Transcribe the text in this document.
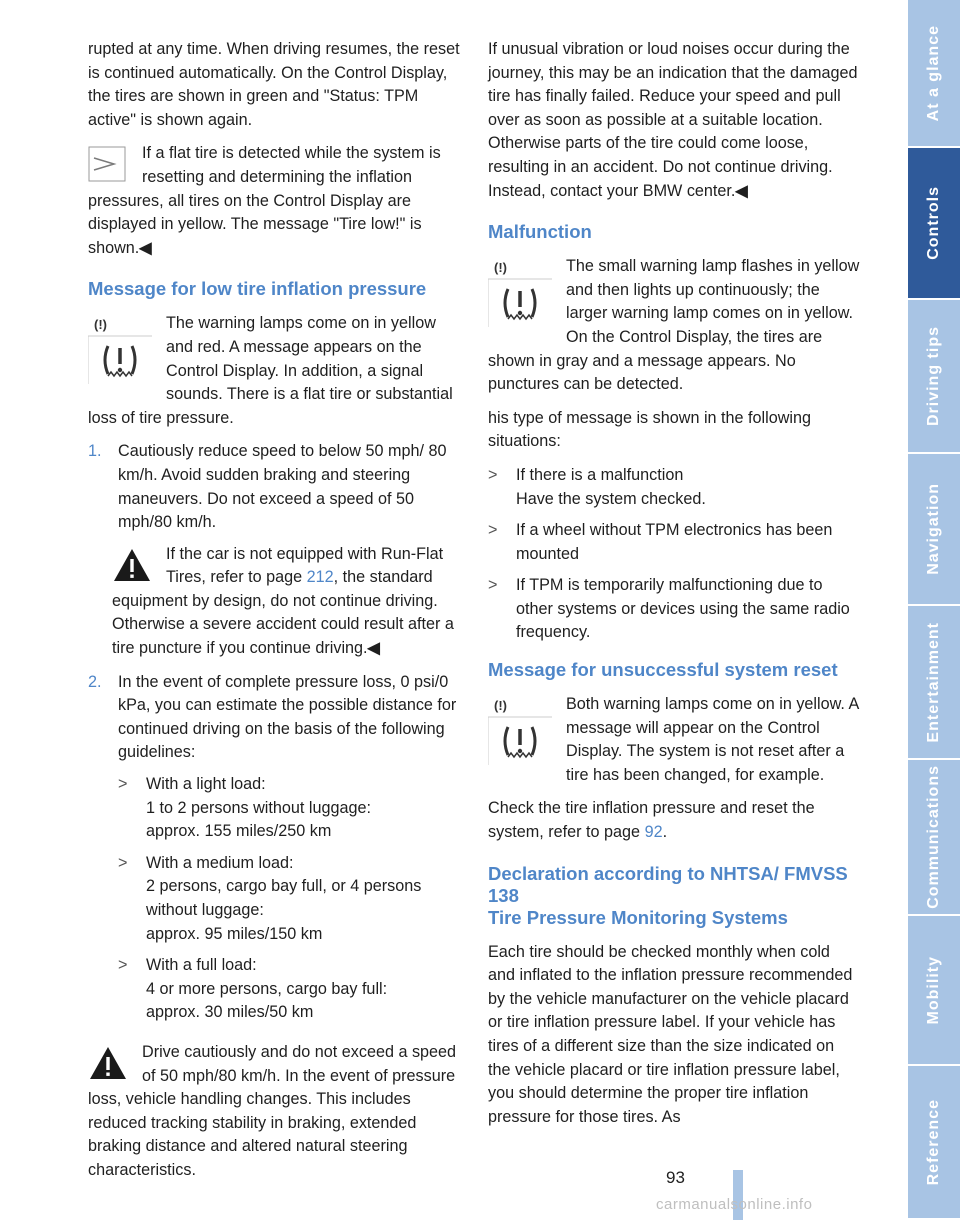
rupted at any time. When driving resumes, the reset is continued automatically. On the Control Display, the tires are shown in green and "Status: TPM active" is shown again.

If a flat tire is detected while the system is resetting and determining the inflation pressures, all tires on the Control Display are displayed in yellow. The message "Tire low!" is shown.◀

Message for low tire inflation pressure
(!)	The warning lamps come on in yellow and red. A message appears on the Control Display. In addition, a signal sounds. There is a flat tire or substantial loss of tire pressure.

1.	Cautiously reduce speed to below 50 mph/ 80 km/h. Avoid sudden braking and steering maneuvers. Do not exceed a speed of 50 mph/80 km/h.

If the car is not equipped with Run-Flat Tires, refer to page 212, the standard equipment by design, do not continue driving. Otherwise a severe accident could result after a tire puncture if you continue driving.◀

2.	In the event of complete pressure loss, 0 psi/0 kPa, you can estimate the possible distance for continued driving on the basis of the following guidelines:
>	With a light load:
1 to 2 persons without luggage:
approx. 155 miles/250 km
>	With a medium load:
2 persons, cargo bay full, or 4 persons without luggage:
approx. 95 miles/150 km
>	With a full load:
4 or more persons, cargo bay full:
approx. 30 miles/50 km

Drive cautiously and do not exceed a speed of 50 mph/80 km/h. In the event of pressure loss, vehicle handling changes. This includes reduced tracking stability in braking, extended braking distance and altered natural steering characteristics.

If unusual vibration or loud noises occur during the journey, this may be an indication that the damaged tire has finally failed. Reduce your speed and pull over as soon as possible at a suitable location. Otherwise parts of the tire could come loose, resulting in an accident. Do not continue driving. Instead, contact your BMW center.◀

Malfunction
(!)	The small warning lamp flashes in yellow and then lights up continuously; the larger warning lamp comes on in yellow. On the Control Display, the tires are shown in gray and a message appears. No punctures can be detected.

his type of message is shown in the following situations:

>	If there is a malfunction
Have the system checked.
>	If a wheel without TPM electronics has been mounted
>	If TPM is temporarily malfunctioning due to other systems or devices using the same radio frequency.
Message for unsuccessful system reset
(!)	Both warning lamps come on in yellow. A message will appear on the Control Display. The system is not reset after a tire has been changed, for example.

Check the tire inflation pressure and reset the system, refer to page 92.

Declaration according to NHTSA/ FMVSS 138
Tire Pressure Monitoring Systems

Each tire should be checked monthly when cold and inflated to the inflation pressure recommended by the vehicle manufacturer on the vehicle placard or tire inflation pressure label. If your vehicle has tires of a different size than the size indicated on the vehicle placard or tire inflation pressure label, you should determine the proper tire inflation pressure for those tires. As

At a glance
Controls
Driving tips
Navigation
Entertainment
Communications
Mobility
Reference
93
carmanualsonline.info
